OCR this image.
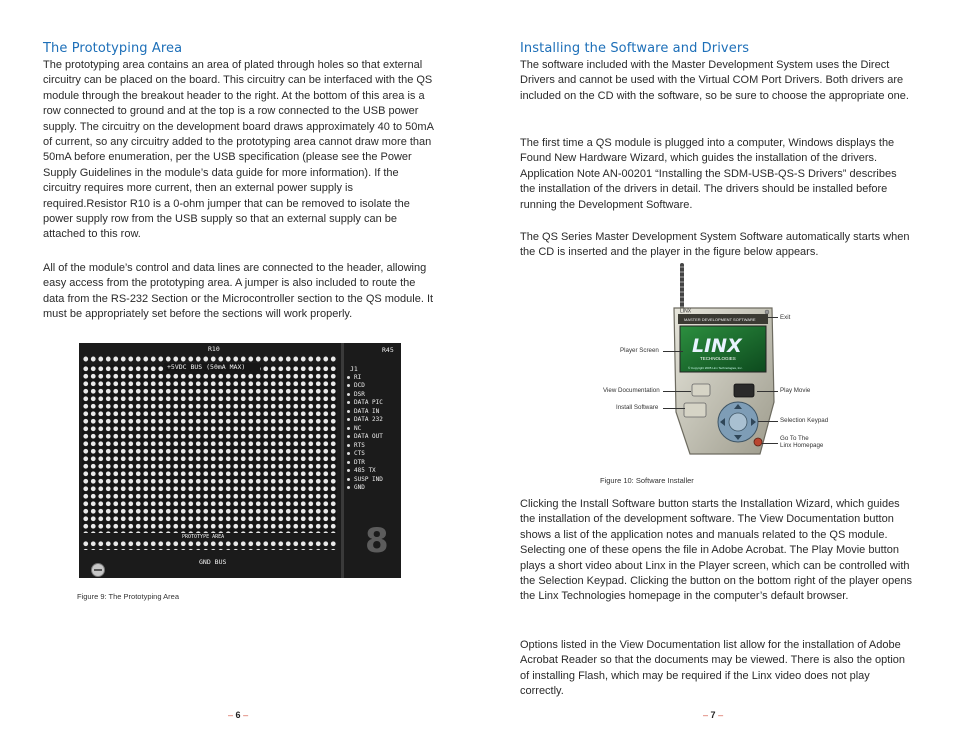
The Prototyping Area

The prototyping area contains an area of plated through holes so that external circuitry can be placed on the board. This circuitry can be interfaced with the QS module through the breakout header to the right. At the bottom of this area is a row connected to ground and at the top is a row connected to the USB power supply. The circuitry on the development board draws approximately 40 to 50mA of current, so any circuitry added to the prototyping area cannot draw more than 50mA before enumeration, per the USB specification (please see the Power Supply Guidelines in the module’s data guide for more information). If the circuitry requires more current, then an external power supply is required.Resistor R10 is a 0-ohm jumper that can be removed to isolate the power supply row from the USB supply so that an external supply can be attached to this row.

All of the module’s control and data lines are connected to the header, allowing easy access from the prototyping area. A jumper is also included to route the data from the RS-232 Section or the Microcontroller section to the QS module. It must be appropriately set before the sections will work properly.

R10
+5VDC BUS (50mA MAX)
PROTOTYPE AREA
GND BUS
R45
J1
RI
DCD
DSR
DATA PIC
DATA IN
DATA 232
NC
DATA OUT
RTS
CTS
DTR
485 TX
SUSP IND
GND
8

Figure 9: The Prototyping Area

– 6 –
Installing the Software and Drivers

The software included with the Master Development System uses the Direct Drivers and cannot be used with the Virtual COM Port Drivers. Both drivers are included on the CD with the software, so be sure to choose the appropriate one.

The first time a QS module is plugged into a computer, Windows displays the Found New Hardware Wizard, which guides the installation of the drivers. Application Note AN-00201 “Installing the SDM-USB-QS-S Drivers” describes the installation of the drivers in detail. The drivers should be installed before running the Development Software.

The QS Series Master Development System Software automatically starts when the CD is inserted and the player in the figure below appears.

LINX
MASTER DEVELOPMENT SOFTWARE
LINX
TECHNOLOGIES
© Copyright 2005 Linx Technologies, Inc.
Exit
Player Screen
View Documentation
Install Software
Play Movie
Selection Keypad
Go To The
Linx Homepage

Figure 10: Software Installer

Clicking the Install Software button starts the Installation Wizard, which guides the installation of the development software. The View Documentation button shows a list of the application notes and manuals related to the QS module. Selecting one of these opens the file in Adobe Acrobat. The Play Movie button plays a short video about Linx in the Player screen, which can be controlled with the Selection Keypad. Clicking the button on the bottom right of the player opens the Linx Technologies homepage in the computer’s default browser.

Options listed in the View Documentation list allow for the installation of Adobe Acrobat Reader so that the documents may be viewed. There is also the option of installing Flash, which may be required if the Linx video does not play correctly.

– 7 –
